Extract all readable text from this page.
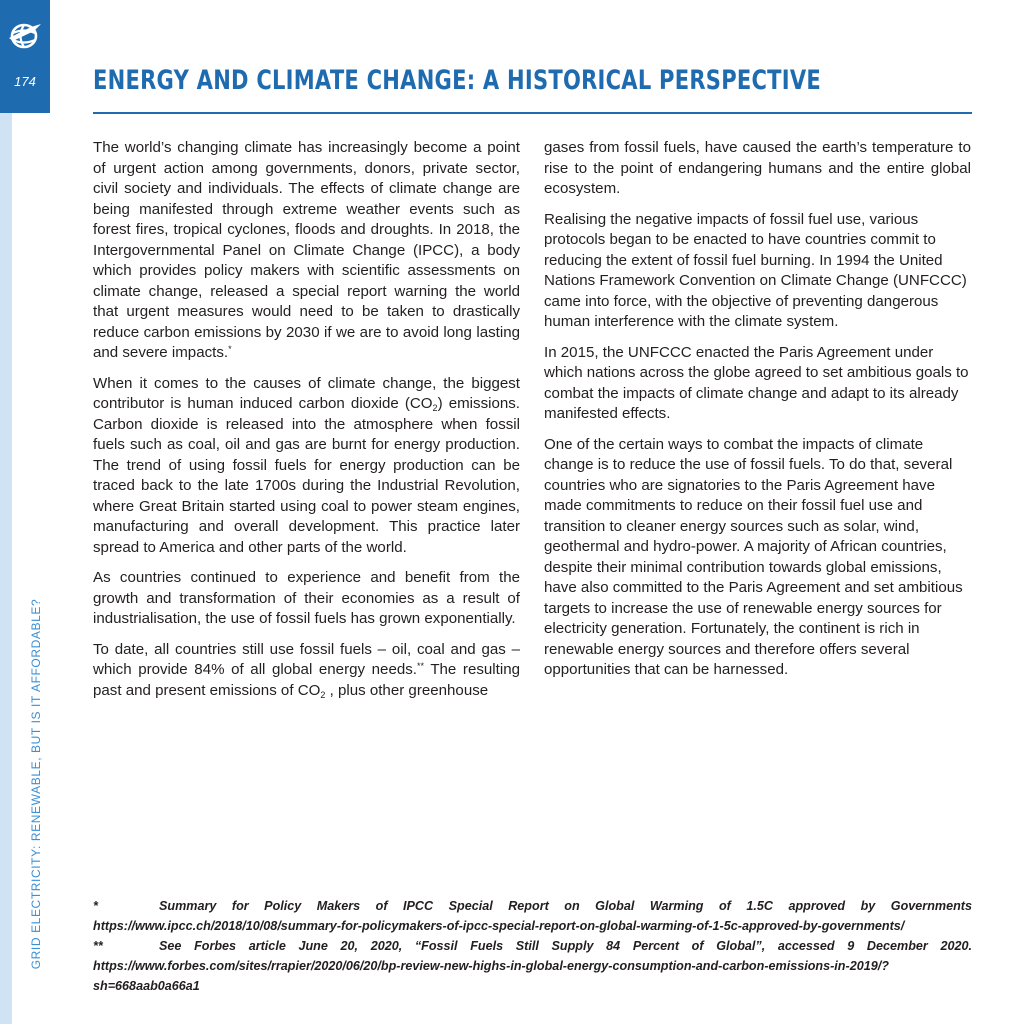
174
GRID ELECTRICITY: RENEWABLE, BUT IS IT AFFORDABLE?
ENERGY AND CLIMATE CHANGE: A HISTORICAL PERSPECTIVE

The world’s changing climate has increasingly become a point of urgent action among governments, donors, private sector, civil society and individuals. The effects of climate change are being manifested through extreme weather events such as forest fires, tropical cyclones, floods and droughts. In 2018, the Intergovernmental Panel on Climate Change (IPCC), a body which provides policy makers with scientific assessments on climate change, released a special report warning the world that urgent measures would need to be taken to drastically reduce carbon emissions by 2030 if we are to avoid long lasting and severe impacts.*

When it comes to the causes of climate change, the biggest contributor is human induced carbon dioxide $(CO_2)$ emissions. Carbon dioxide is released into the atmosphere when fossil fuels such as coal, oil and gas are burnt for energy production. The trend of using fossil fuels for energy production can be traced back to the late 1700s during the Industrial Revolution, where Great Britain started using coal to power steam engines, manufacturing and overall development. This practice later spread to America and other parts of the world.

As countries continued to experience and benefit from the growth and transformation of their economies as a result of industrialisation, the use of fossil fuels has grown exponentially.

To date, all countries still use fossil fuels – oil, coal and gas – which provide 84% of all global energy needs.** The resulting past and present emissions of $CO_2$ , plus other greenhouse

gases from fossil fuels, have caused the earth’s temperature to rise to the point of endangering humans and the entire global ecosystem.

Realising the negative impacts of fossil fuel use, various protocols began to be enacted to have countries commit to reducing the extent of fossil fuel burning. In 1994 the United Nations Framework Convention on Climate Change (UNFCCC) came into force, with the objective of preventing dangerous human interference with the climate system.

In 2015, the UNFCCC enacted the Paris Agreement under which nations across the globe agreed to set ambitious goals to combat the impacts of climate change and adapt to its already manifested effects.

One of the certain ways to combat the impacts of climate change is to reduce the use of fossil fuels. To do that, several countries who are signatories to the Paris Agreement have made commitments to reduce on their fossil fuel use and transition to cleaner energy sources such as solar, wind, geothermal and hydro-power. A majority of African countries, despite their minimal contribution towards global emissions, have also committed to the Paris Agreement and set ambitious targets to increase the use of renewable energy sources for electricity generation. Fortunately, the continent is rich in renewable energy sources and therefore offers several opportunities that can be harnessed.

*	Summary for Policy Makers of IPCC Special Report on Global Warming of 1.5C approved by Governments https://www.ipcc.ch/2018/10/08/summary-for-policymakers-of-ipcc-special-report-on-global-warming-of-1-5c-approved-by-governments/
**	See Forbes article June 20, 2020, “Fossil Fuels Still Supply 84 Percent of Global”, accessed 9 December 2020. https://www.forbes.com/sites/rrapier/2020/06/20/bp-review-new-highs-in-global-energy-consumption-and-carbon-emissions-in-2019/?sh=668aab0a66a1
